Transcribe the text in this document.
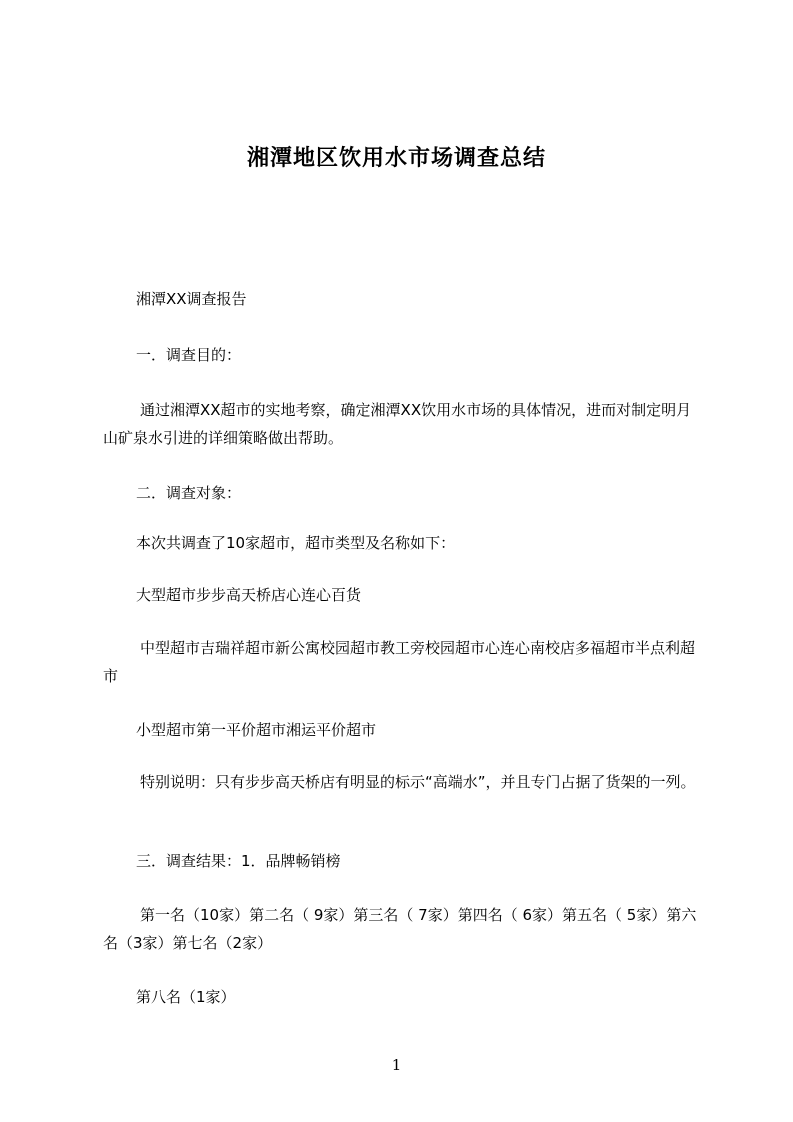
湘潭地区饮用水市场调查总结

湘潭XX调查报告

一．调查目的：

通过湘潭XX超市的实地考察，确定湘潭XX饮用水市场的具体情况，进而对制定明月山矿泉水引进的详细策略做出帮助。

二．调查对象：

本次共调查了10家超市，超市类型及名称如下：

大型超市步步高天桥店心连心百货

中型超市吉瑞祥超市新公寓校园超市教工旁校园超市心连心南校店多福超市半点利超市

小型超市第一平价超市湘运平价超市

特别说明：只有步步高天桥店有明显的标示“高端水”，并且专门占据了货架的一列。

三．调查结果：1．品牌畅销榜

第一名（10家）第二名（ 9家）第三名（ 7家）第四名（ 6家）第五名（ 5家）第六名（3家）第七名（2家）

第八名（1家）

1
